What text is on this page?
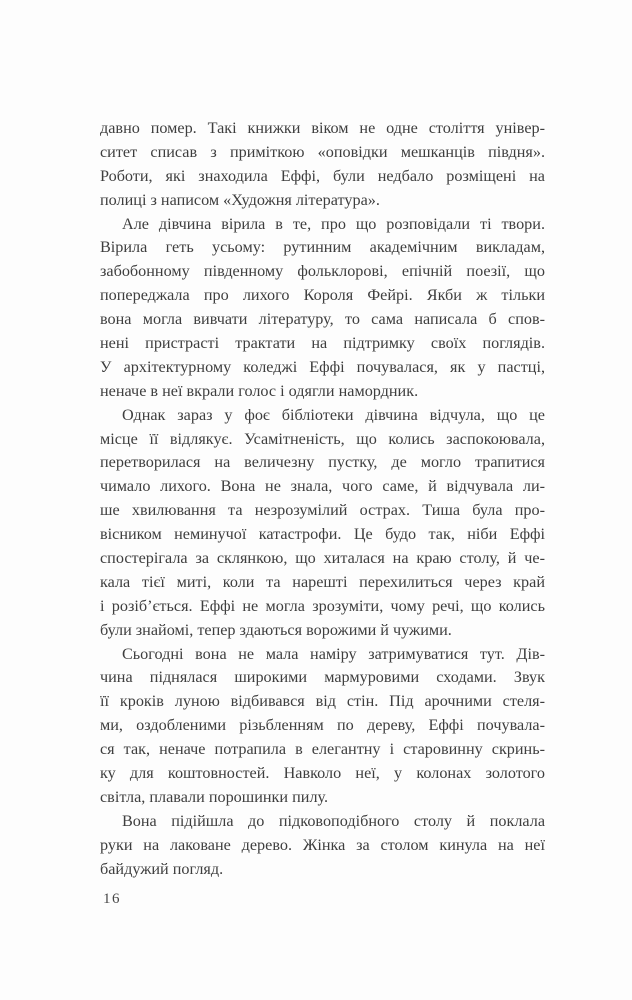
давно помер. Такі книжки віком не одне століття універ-
ситет списав з приміткою «оповідки мешканців півдня».
Роботи, які знаходила Еффі, були недбало розміщені на
полиці з написом «Художня література».
Але дівчина вірила в те, про що розповідали ті твори.
Вірила геть усьому: рутинним академічним викладам,
забобонному південному фольклорові, епічній поезії, що
попереджала про лихого Короля Фейрі. Якби ж тільки
вона могла вивчати літературу, то сама написала б спов-
нені пристрасті трактати на підтримку своїх поглядів.
У архітектурному коледжі Еффі почувалася, як у пастці,
неначе в неї вкрали голос і одягли намордник.
Однак зараз у фоє бібліотеки дівчина відчула, що це
місце її відлякує. Усамітненість, що колись заспокоювала,
перетворилася на величезну пустку, де могло трапитися
чимало лихого. Вона не знала, чого саме, й відчувала ли-
ше хвилювання та незрозумілий острах. Тиша була про-
вісником неминучої катастрофи. Це будо так, ніби Еффі
спостерігала за склянкою, що хиталася на краю столу, й че-
кала тієї миті, коли та нарешті перехилиться через край
і розіб’ється. Еффі не могла зрозуміти, чому речі, що колись
були знайомі, тепер здаються ворожими й чужими.
Сьогодні вона не мала наміру затримуватися тут. Дів-
чина піднялася широкими мармуровими сходами. Звук
її кроків луною відбивався від стін. Під арочними стеля-
ми, оздобленими різьбленням по дереву, Еффі почувала-
ся так, неначе потрапила в елегантну і старовинну скринь-
ку для коштовностей. Навколо неї, у колонах золотого
світла, плавали порошинки пилу.
Вона підійшла до підковоподібного столу й поклала
руки на лаковане дерево. Жінка за столом кинула на неї
байдужий погляд.
16
